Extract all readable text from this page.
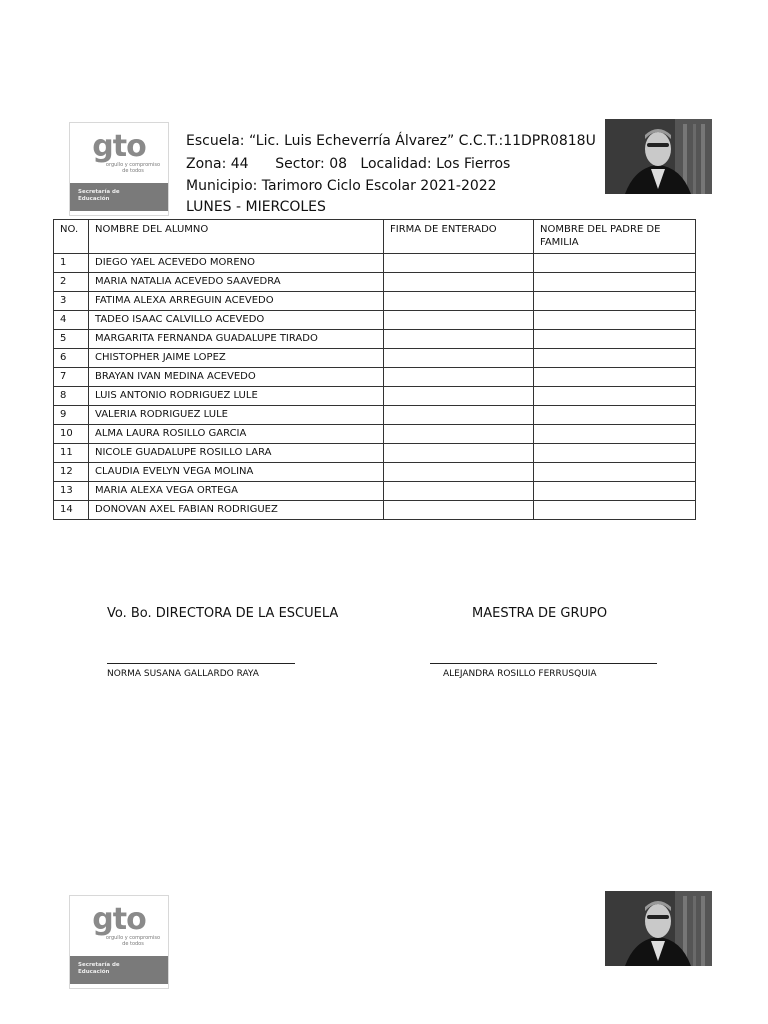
gto
orgullo y compromiso de todos
Secretaría de
Educación
Escuela: “Lic. Luis Echeverría Álvarez” C.C.T.:11DPR0818U
Zona: 44      Sector: 08   Localidad: Los Fierros
Municipio: Tarimoro Ciclo Escolar 2021-2022
LUNES - MIERCOLES
NO.	NOMBRE DEL ALUMNO	FIRMA DE ENTERADO	NOMBRE DEL PADRE DE FAMILIA
1	DIEGO YAEL ACEVEDO MORENO		
2	MARIA NATALIA ACEVEDO SAAVEDRA		
3	FATIMA ALEXA ARREGUIN ACEVEDO		
4	TADEO ISAAC CALVILLO ACEVEDO		
5	MARGARITA FERNANDA GUADALUPE TIRADO		
6	CHISTOPHER JAIME LOPEZ		
7	BRAYAN IVAN MEDINA ACEVEDO		
8	LUIS ANTONIO RODRIGUEZ LULE		
9	VALERIA RODRIGUEZ LULE		
10	ALMA LAURA ROSILLO GARCIA		
11	NICOLE GUADALUPE ROSILLO LARA		
12	CLAUDIA EVELYN VEGA MOLINA		
13	MARIA ALEXA VEGA ORTEGA		
14	DONOVAN AXEL FABIAN RODRIGUEZ		
Vo. Bo. DIRECTORA DE LA ESCUELA	MAESTRA DE GRUPO
NORMA SUSANA GALLARDO RAYA	ALEJANDRA ROSILLO FERRUSQUIA
gto
orgullo y compromiso de todos
Secretaría de
Educación
